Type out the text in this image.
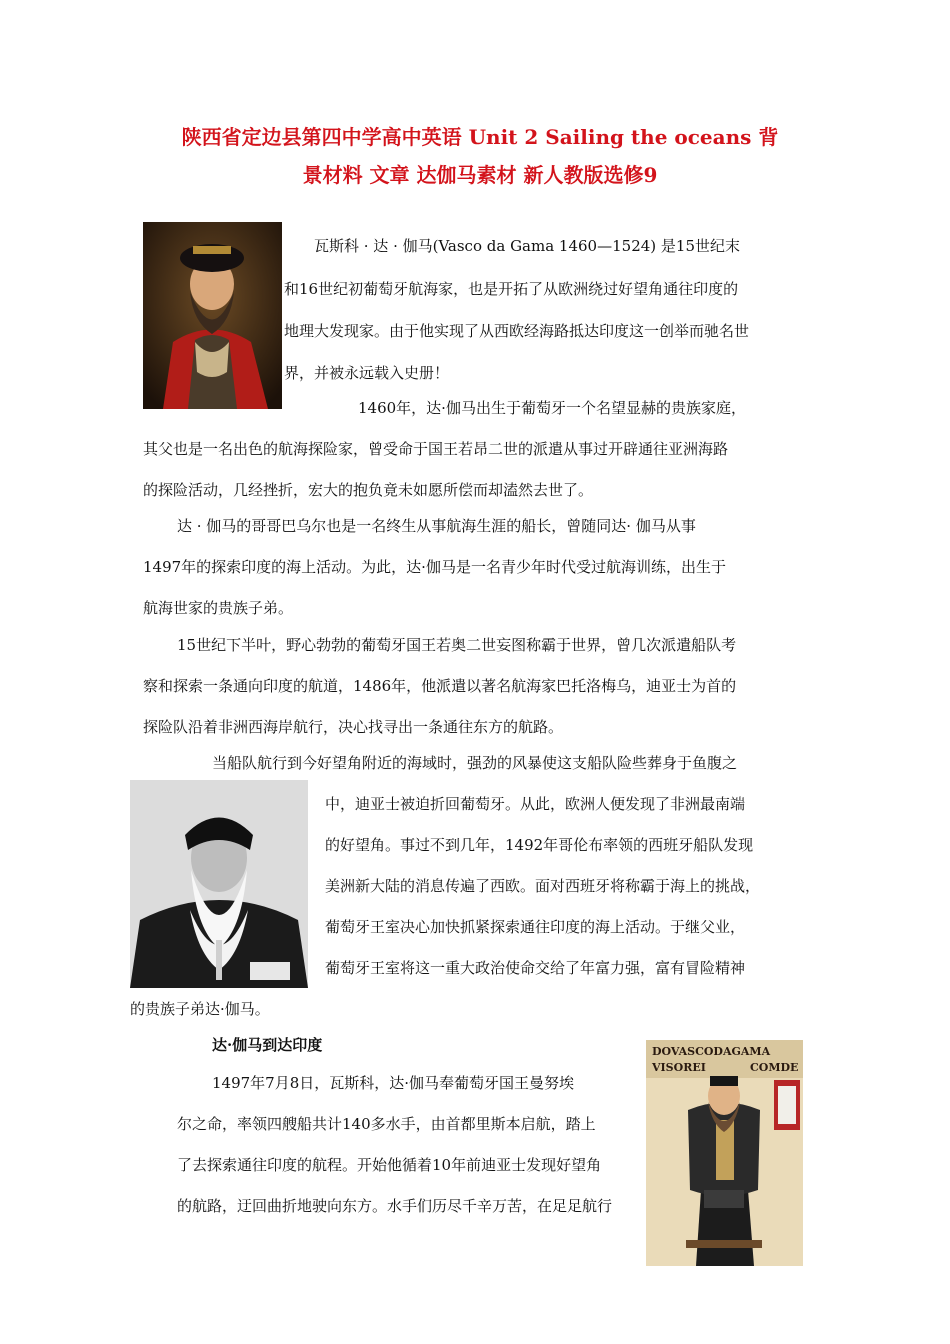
陕西省定边县第四中学高中英语 Unit 2 Sailing the oceans 背
景材料 文章 达伽马素材 新人教版选修9
瓦斯科 · 达 · 伽马(Vasco da Gama 1460—1524) 是15世纪末
和16世纪初葡萄牙航海家，也是开拓了从欧洲绕过好望角通往印度的
地理大发现家。由于他实现了从西欧经海路抵达印度这一创举而驰名世
界，并被永远载入史册！
1460年，达·伽马出生于葡萄牙一个名望显赫的贵族家庭，
其父也是一名出色的航海探险家，曾受命于国王若昂二世的派遣从事过开辟通往亚洲海路
的探险活动，几经挫折，宏大的抱负竟未如愿所偿而却溘然去世了。
达 · 伽马的哥哥巴乌尔也是一名终生从事航海生涯的船长，曾随同达· 伽马从事
1497年的探索印度的海上活动。为此，达·伽马是一名青少年时代受过航海训练，出生于
航海世家的贵族子弟。
15世纪下半叶，野心勃勃的葡萄牙国王若奥二世妄图称霸于世界，曾几次派遣船队考
察和探索一条通向印度的航道，1486年，他派遣以著名航海家巴托洛梅乌，迪亚士为首的
探险队沿着非洲西海岸航行，决心找寻出一条通往东方的航路。
当船队航行到今好望角附近的海域时，强劲的风暴使这支船队险些葬身于鱼腹之
中，迪亚士被迫折回葡萄牙。从此，欧洲人便发现了非洲最南端
的好望角。事过不到几年，1492年哥伦布率领的西班牙船队发现
美洲新大陆的消息传遍了西欧。面对西班牙将称霸于海上的挑战，
葡萄牙王室决心加快抓紧探索通往印度的海上活动。于继父业，
葡萄牙王室将这一重大政治使命交给了年富力强，富有冒险精神
的贵族子弟达·伽马。
达·伽马到达印度
1497年7月8日，瓦斯科，达·伽马奉葡萄牙国王曼努埃
尔之命，率领四艘船共计140多水手，由首都里斯本启航，踏上
了去探索通往印度的航程。开始他循着10年前迪亚士发现好望角
的航路，迂回曲折地驶向东方。水手们历尽千辛万苦，在足足航行
DOVASCODAGAMA
VISOREI	COMDE
